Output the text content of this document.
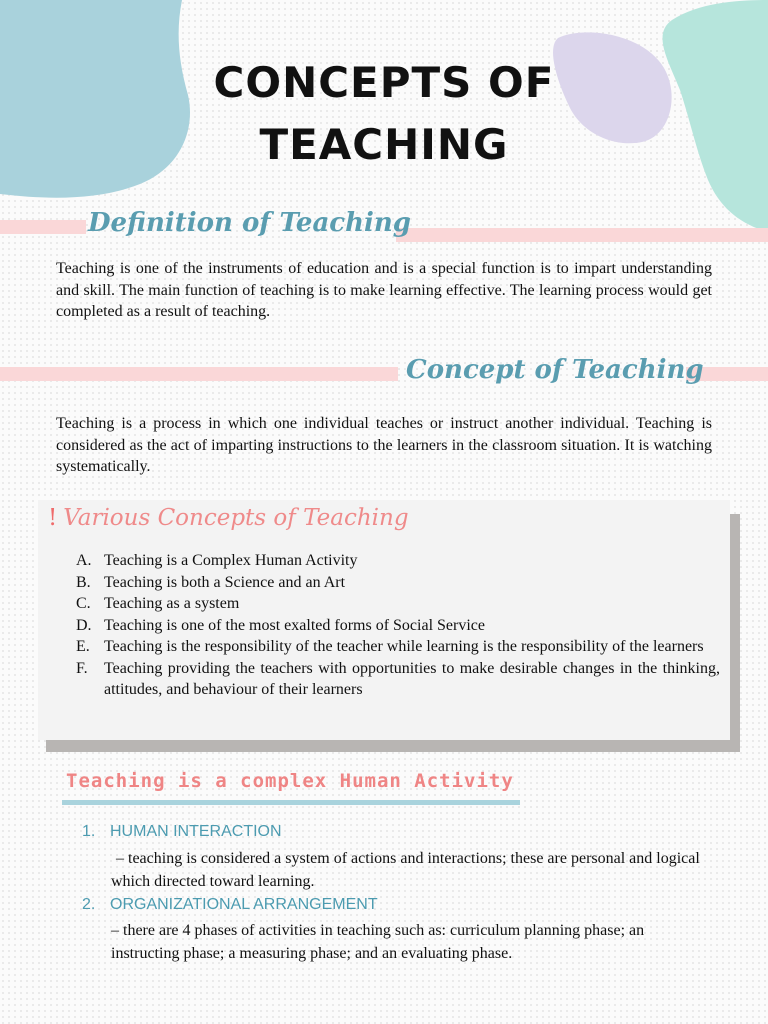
CONCEPTS OF
TEACHING
Definition of Teaching
Teaching is one of the instruments of education and is a special function is to impart understanding and skill. The main function of teaching is to make learning effective. The learning process would get completed as a result of teaching.
Concept of Teaching
Teaching is a process in which one individual teaches or instruct another individual. Teaching is considered as the act of imparting instructions to the learners in the classroom situation. It is watching systematically.
! Various Concepts of Teaching
A. Teaching is a Complex Human Activity
B. Teaching is both a Science and an Art
C. Teaching as a system
D. Teaching is one of the most exalted forms of Social Service
E. Teaching is the responsibility of the teacher while learning is the responsibility of the learners
F.	Teaching providing the teachers with opportunities to make desirable changes in the thinking, attitudes, and behaviour of their learners
Teaching is a complex Human Activity
1. HUMAN INTERACTION
– teaching is considered a system of actions and interactions; these are personal and logical which directed toward learning.
2. ORGANIZATIONAL ARRANGEMENT
– there are 4 phases of activities in teaching such as: curriculum planning phase; an instructing phase; a measuring phase; and an evaluating phase.
